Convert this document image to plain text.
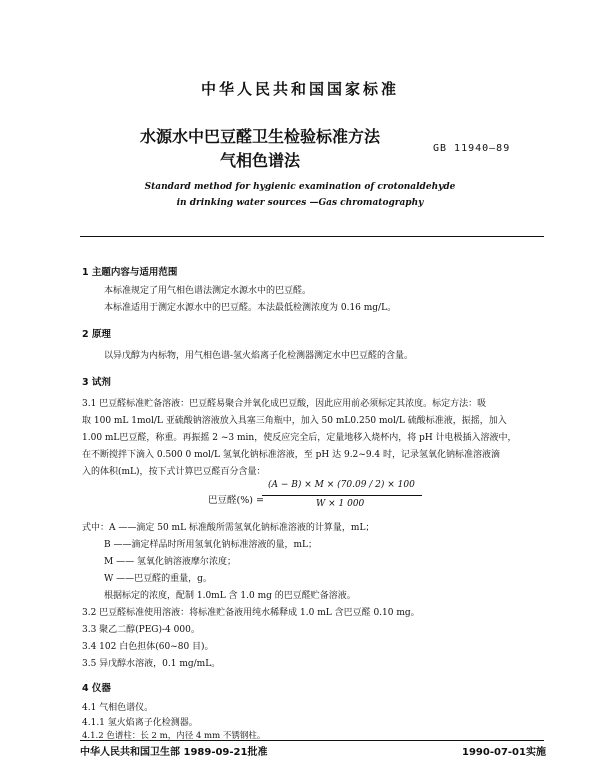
中华人民共和国国家标准
水源水中巴豆醛卫生检验标准方法
气相色谱法
GB 11940—89
Standard method for hygienic examination of crotonaldehyde
in drinking water sources —Gas chromatography
1 主题内容与适用范围
本标准规定了用气相色谱法测定水源水中的巴豆醛。
本标准适用于测定水源水中的巴豆醛。本法最低检测浓度为 0.16 mg/L。
2 原理
以异戊醇为内标物，用气相色谱-氢火焰离子化检测器测定水中巴豆醛的含量。
3 试剂
3.1 巴豆醛标准贮备溶液：巴豆醛易聚合并氧化成巴豆酸，因此应用前必须标定其浓度。标定方法：吸
取 100 mL 1mol/L 亚硫酸钠溶液放入具塞三角瓶中，加入 50 mL0.250 mol/L 硫酸标准液，振摇，加入
1.00 mL巴豆醛，称重。再振摇 2 ~3 min，使反应完全后，定量地移入烧杯内，将 pH 计电极插入溶液中，
在不断搅拌下滴入 0.500 0 mol/L 氢氧化钠标准溶液，至 pH 达 9.2~9.4 时，记录氢氧化钠标准溶液滴
入的体积(mL)，按下式计算巴豆醛百分含量：
巴豆醛(%) =
(A − B) × M × (70.09 / 2) × 100
W × 1 000
式中：A ——滴定 50 mL 标准酸所需氢氧化钠标准溶液的计算量，mL；
B ——滴定样品时所用氢氧化钠标准溶液的量，mL；
M —— 氢氧化钠溶液摩尔浓度；
W ——巴豆醛的重量，g。
根据标定的浓度，配制 1.0mL 含 1.0 mg 的巴豆醛贮备溶液。
3.2 巴豆醛标准使用溶液：将标准贮备液用纯水稀释成 1.0 mL 含巴豆醛 0.10 mg。
3.3 聚乙二醇(PEG)-4 000。
3.4 102 白色担体(60~80 目)。
3.5 异戊醇水溶液，0.1 mg/mL。
4 仪器
4.1 气相色谱仪。
4.1.1 氢火焰离子化检测器。
4.1.2 色谱柱：长 2 m，内径 4 mm 不锈钢柱。
中华人民共和国卫生部 1989-09-21批准	1990-07-01实施
